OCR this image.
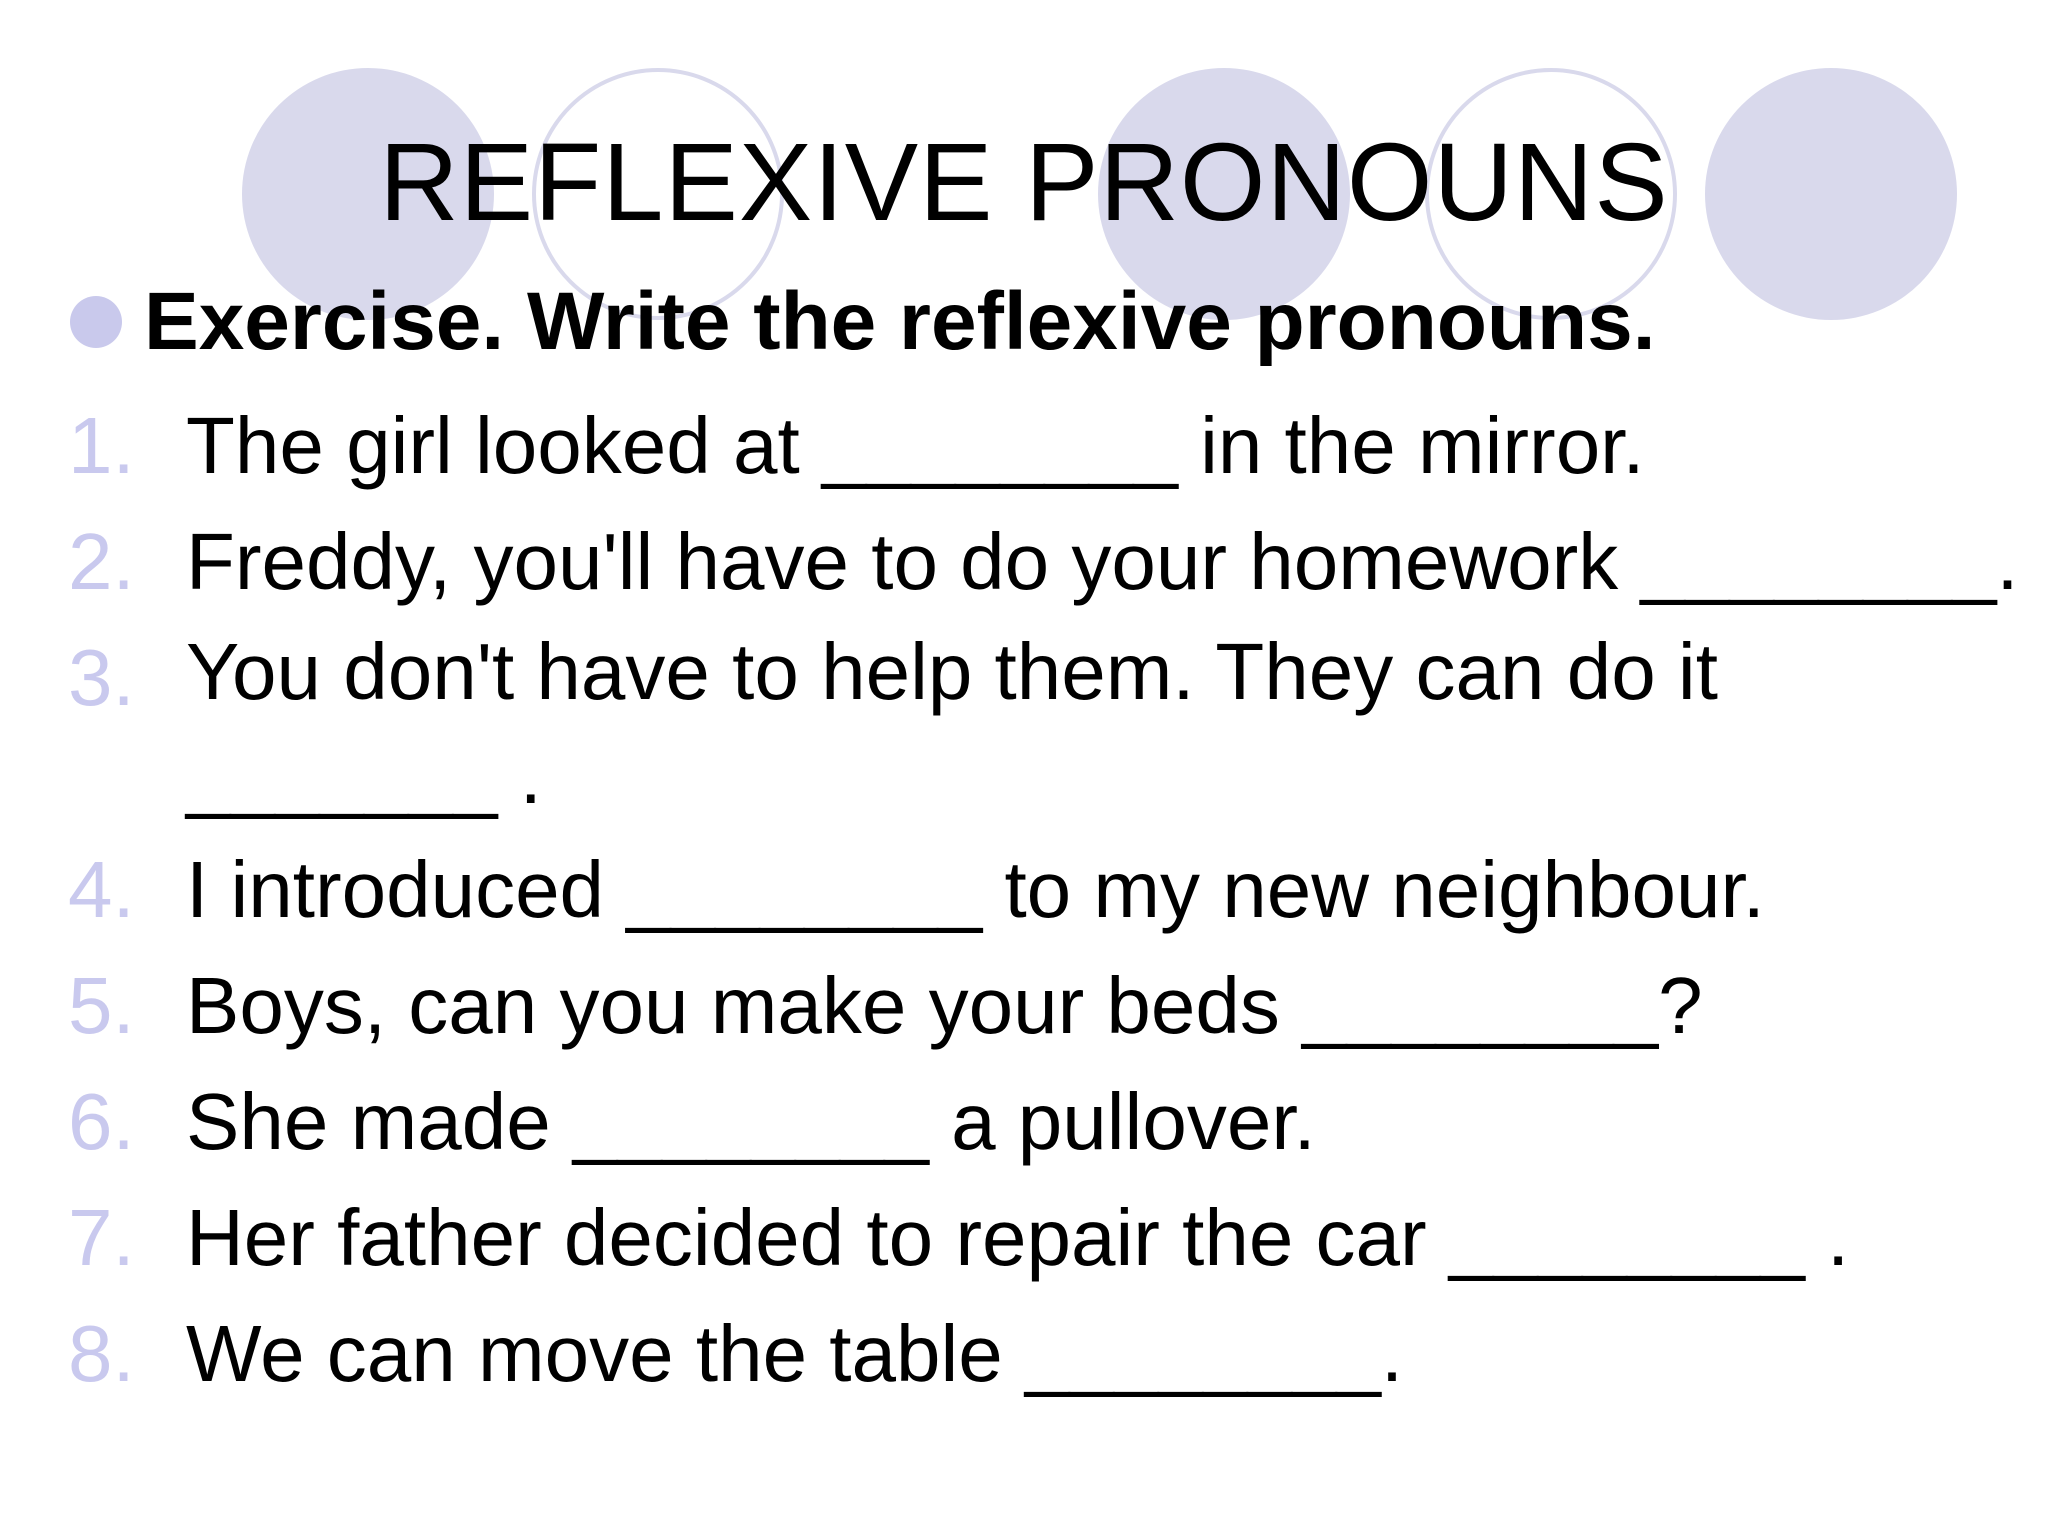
REFLEXIVE PRONOUNS
Exercise. Write the reflexive pronouns.
1. The girl looked at ________ in the mirror.
2. Freddy, you'll have to do your homework ________.
3. You don't have to help them. They can do it _______ .
4. I introduced ________ to my new neighbour.
5. Boys, can you make your beds ________?
6. She made ________ a pullover.
7. Her father decided to repair the car ________ .
8. We can move the table ________.
